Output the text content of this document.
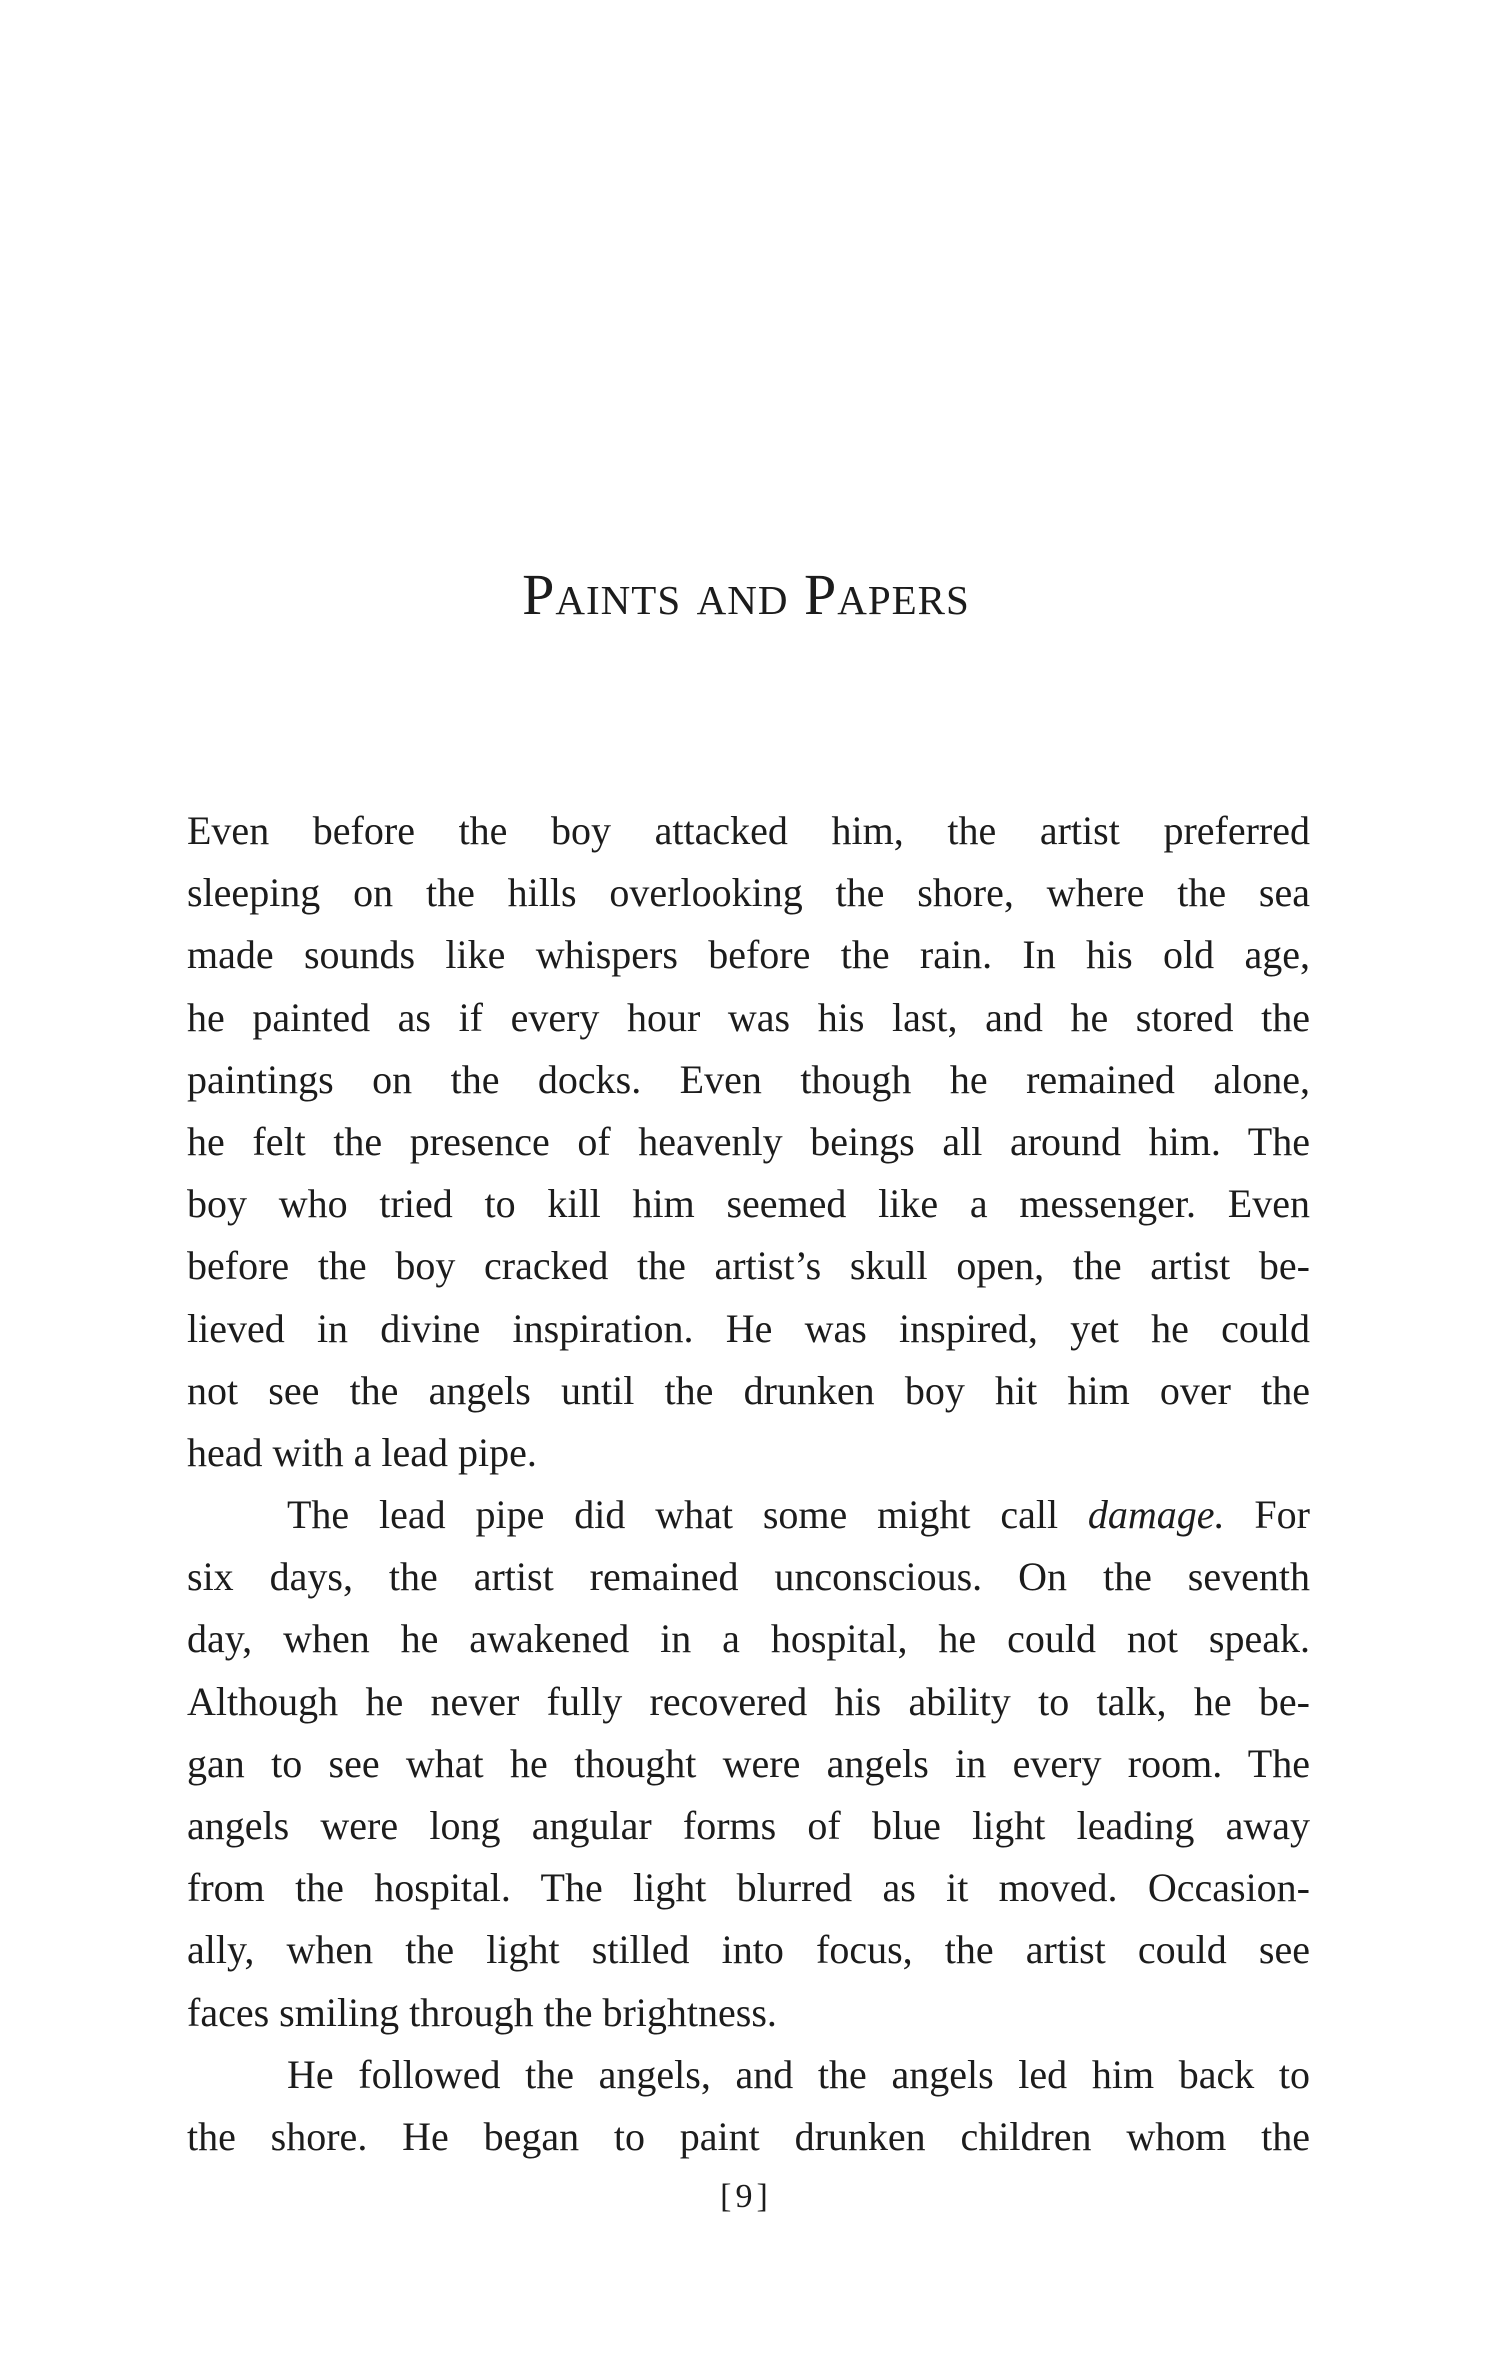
Paints and Papers
Even before the boy attacked him, the artist preferred
sleeping on the hills overlooking the shore, where the sea
made sounds like whispers before the rain. In his old age,
he painted as if every hour was his last, and he stored the
paintings on the docks. Even though he remained alone,
he felt the presence of heavenly beings all around him. The
boy who tried to kill him seemed like a messenger. Even
before the boy cracked the artist’s skull open, the artist be-
lieved in divine inspiration. He was inspired, yet he could
not see the angels until the drunken boy hit him over the
head with a lead pipe.
The lead pipe did what some might call damage. For
six days, the artist remained unconscious. On the seventh
day, when he awakened in a hospital, he could not speak.
Although he never fully recovered his ability to talk, he be-
gan to see what he thought were angels in every room. The
angels were long angular forms of blue light leading away
from the hospital. The light blurred as it moved. Occasion-
ally, when the light stilled into focus, the artist could see
faces smiling through the brightness.
He followed the angels, and the angels led him back to
the shore. He began to paint drunken children whom the
[9]
